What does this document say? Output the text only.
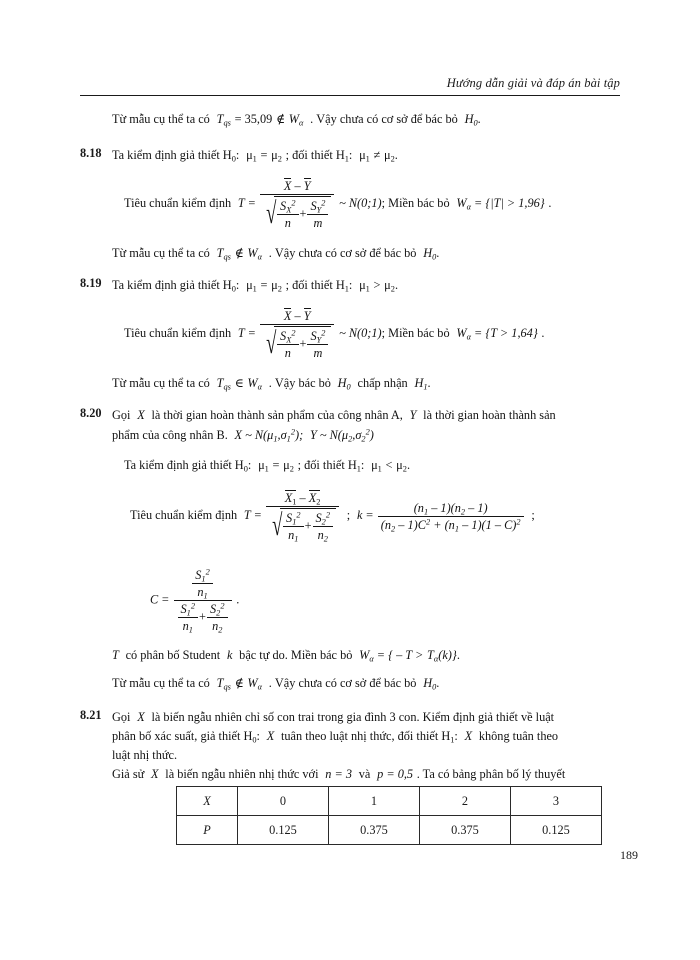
Hướng dẫn giải và đáp án bài tập
Từ mẫu cụ thể ta có $T_{qs} = 35,09$ ∉ $W_\alpha$ . Vậy chưa có cơ sở để bác bỏ $H_0$.
8.18 Ta kiểm định giả thiết $H_0$: $\mu_1 = \mu_2$ ; đối thiết $H_1$: $\mu_1 \ne \mu_2$.
Tiêu chuẩn kiểm định $T = \frac{X - Y}{√ \frac{S_X^2}{n} + \frac{S_Y^2}{m}}$ ~ N(0;1); Miền bác bỏ $W_\alpha = \{|T| > 1,96\}$ .
Từ mẫu cụ thể ta có $T_{qs}$ ∉ $W_\alpha$ . Vậy chưa có cơ sở để bác bỏ $H_0$.
8.19 Ta kiểm định giả thiết $H_0$: $\mu_1 = \mu_2$ ; đối thiết $H_1$: $\mu_1 > \mu_2$.
Tiêu chuẩn kiểm định $T = \frac{X - Y}{√ \frac{S_X^2}{n} + \frac{S_Y^2}{m}}$ ~ N(0;1); Miền bác bỏ $W_\alpha = \{T > 1,64\}$ .
Từ mẫu cụ thể ta có $T_{qs}$ ∈ $W_\alpha$ . Vậy bác bỏ $H_0$ chấp nhận $H_1$.
8.20 Gọi X là thời gian hoàn thành sản phẩm của công nhân A, Y là thời gian hoàn thành sản
phẩm của công nhân B. X ~ $N(\mu_1,\sigma_1^2)$; Y ~ $N(\mu_2,\sigma_2^2)$
Ta kiểm định giả thiết $H_0$: $\mu_1 = \mu_2$ ; đối thiết $H_1$: $\mu_1 < \mu_2$.
Tiêu chuẩn kiểm định $T = \frac{X_1 - X_2}{√ \frac{S_1^2}{n_1} + \frac{S_2^2}{n_2}}$ ; $k = \frac{(n_1 - 1)(n_2 - 1)}{(n_2 - 1)C^2 + (n_1 - 1)(1 - C)^2}$ ;
$C = \frac{\frac{S_1^2}{n_1}}{\frac{S_1^2}{n_1} + \frac{S_2^2}{n_2}}$ .
T có phân bố Student k bậc tự do. Miền bác bỏ $W_\alpha$ = { – $T > T_\alpha(k)$}.
Từ mẫu cụ thể ta có $T_{qs}$ ∉ $W_\alpha$ . Vậy chưa có cơ sở để bác bỏ $H_0$.
8.21 Gọi X là biến ngẫu nhiên chỉ số con trai trong gia đình 3 con. Kiểm định giả thiết về luật
phân bố xác suất, giả thiết $H_0$: X tuân theo luật nhị thức, đối thiết $H_1$: X không tuân theo
luật nhị thức.
Giả sử X là biến ngẫu nhiên nhị thức với n = 3 và p = 0,5 . Ta có bảng phân bố lý thuyết
X	0	1	2	3
P	0.125	0.375	0.375	0.125
189
